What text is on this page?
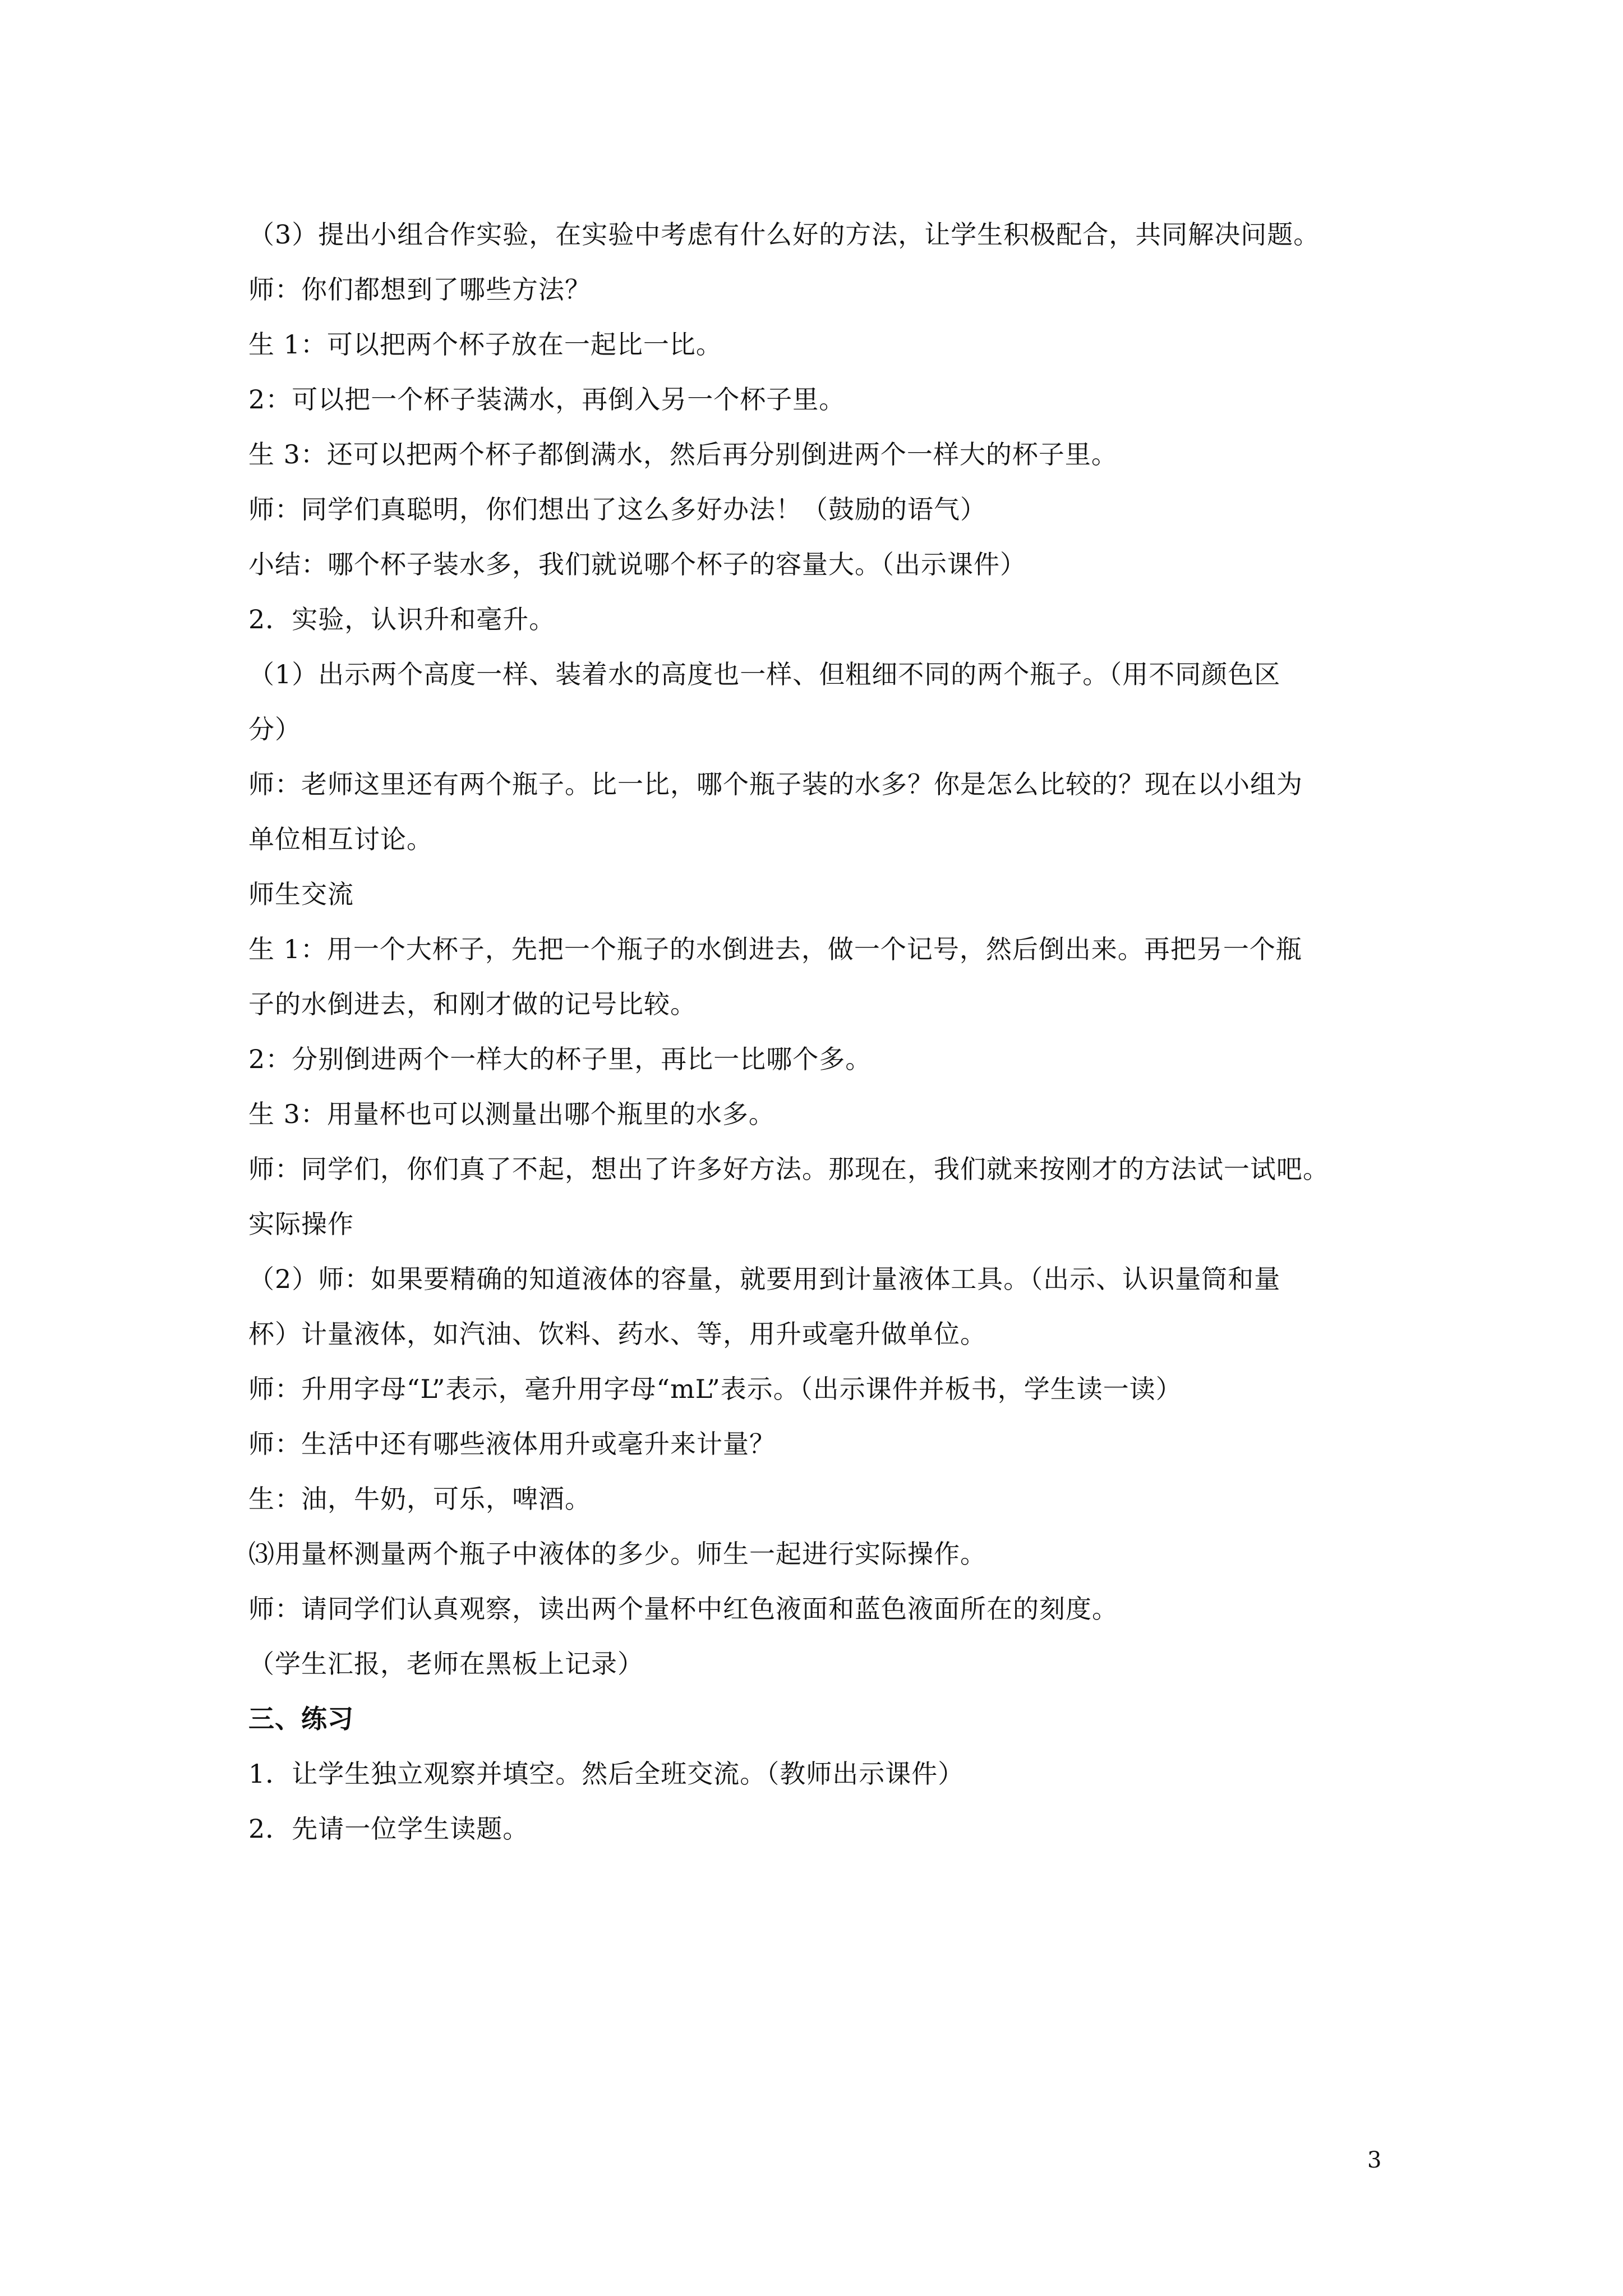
（3）提出小组合作实验，在实验中考虑有什么好的方法，让学生积极配合，共同解决问题。
师：你们都想到了哪些方法？
生 1：可以把两个杯子放在一起比一比。
2：可以把一个杯子装满水，再倒入另一个杯子里。
生 3：还可以把两个杯子都倒满水，然后再分别倒进两个一样大的杯子里。
师：同学们真聪明，你们想出了这么多好办法！（鼓励的语气）
小结：哪个杯子装水多，我们就说哪个杯子的容量大。（出示课件）
2．实验，认识升和毫升。
（1）出示两个高度一样、装着水的高度也一样、但粗细不同的两个瓶子。（用不同颜色区
分）
师：老师这里还有两个瓶子。比一比，哪个瓶子装的水多？你是怎么比较的？现在以小组为
单位相互讨论。
师生交流
生 1：用一个大杯子，先把一个瓶子的水倒进去，做一个记号，然后倒出来。再把另一个瓶
子的水倒进去，和刚才做的记号比较。
2：分别倒进两个一样大的杯子里，再比一比哪个多。
生 3：用量杯也可以测量出哪个瓶里的水多。
师：同学们，你们真了不起，想出了许多好方法。那现在，我们就来按刚才的方法试一试吧。
实际操作
（2）师：如果要精确的知道液体的容量，就要用到计量液体工具。（出示、认识量筒和量
杯）计量液体，如汽油、饮料、药水、等，用升或毫升做单位。
师：升用字母“L”表示，毫升用字母“mL”表示。（出示课件并板书，学生读一读）
师：生活中还有哪些液体用升或毫升来计量？
生：油，牛奶，可乐，啤酒。
⑶用量杯测量两个瓶子中液体的多少。师生一起进行实际操作。
师：请同学们认真观察，读出两个量杯中红色液面和蓝色液面所在的刻度。
（学生汇报，老师在黑板上记录）
三、练习
1．让学生独立观察并填空。然后全班交流。（教师出示课件）
2．先请一位学生读题。
3
